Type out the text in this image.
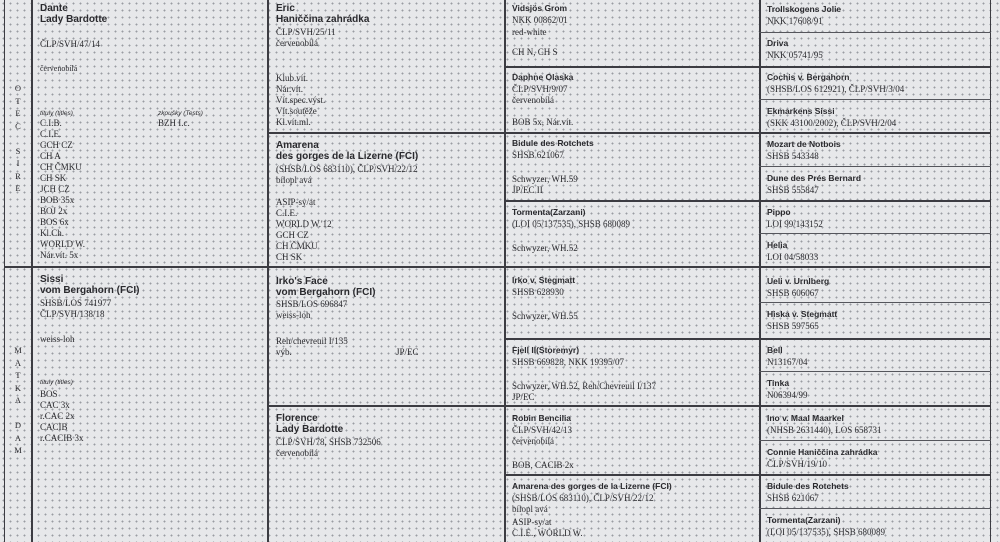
O
T
E
C

S
I
R
E
M
A
T
K
A

D
A
M
Dante
Lady Bardotte
ČLP/SVH/47/14
červenobílá
tituly (titles)	zkoušky (Tests)
BZH I.c.
C.I.B.
C.I.E.
GCH CZ
CH A
CH ČMKU
CH SK
JCH CZ
BOB 35x
BOJ 2x
BOS 6x
Kl.Ch.
WORLD W.
Nár.vít. 5x
Sissi
vom Bergahorn (FCI)
SHSB/LOS 741977
ČLP/SVH/138/18
weiss-loh
tituly (titles)
BOS
CAC 3x
r.CAC 2x
CACIB
r.CACIB 3x
Eric
Haniččina zahrádka
ČLP/SVH/25/11
červenobílá
Klub.vít.
Nár.vít.
Vít.spec.výst.
Vít.soutěže
Kl.vít.ml.
Amarena
des gorges de la Lizerne (FCI)
(SHSB/LOS 683110), ČLP/SVH/22/12
bílopl avá
ASIP-sy/at
C.I.E.
WORLD W.'12
GCH CZ
CH ČMKU
CH SK
Irko's Face
vom Bergahorn (FCI)
SHSB/LOS 696847
weiss-loh
Reh/chevreuil I/135
výb.	JP/EC
Florence
Lady Bardotte
ČLP/SVH/78, SHSB 732506
červenobílá
Vidsjös Grom
NKK 00862/01
red-white
CH N, CH S
Daphne Olaska
ČLP/SVH/9/07
červenobílá
BOB 5x, Nár.vít.
Bidule des Rotchets
SHSB 621067
Schwyzer, WH.59
JP/EC II
Tormenta(Zarzani)
(LOI 05/137535), SHSB 680089
Schwyzer, WH.52
Irko v. Stegmatt
SHSB 628930
Schwyzer, WH.55
Fjell II(Storemyr)
SHSB 669828, NKK 19395/07
Schwyzer, WH.52, Reh/Chevreuil I/137
JP/EC
Robin Bencilia
ČLP/SVH/42/13
červenobílá
BOB, CACIB 2x
Amarena des gorges de la Lizerne (FCI)
(SHSB/LOS 683110), ČLP/SVH/22/12
bílopl avá
ASIP-sy/at
C.I.E., WORLD W.
Trollskogens Jolie
NKK 17608/91
Driva
NKK 05741/95
Cochis v. Bergahorn
(SHSB/LOS 612921), ČLP/SVH/3/04
Ekmarkens Sissi
(SKK 43100/2002), ČLP/SVH/2/04
Mozart de Notbois
SHSB 543348
Dune des Prés Bernard
SHSB 555847
Pippo
LOI 99/143152
Helia
LOI 04/58033
Ueli v. Urnlberg
SHSB 606067
Hiska v. Stegmatt
SHSB 597565
Bell
N13167/04
Tinka
N06394/99
Ino v. Maal Maarkel
(NHSB 2631440), LOS 658731
Connie Haniččina zahrádka
ČLP/SVH/19/10
Bidule des Rotchets
SHSB 621067
Tormenta(Zarzani)
(LOI 05/137535), SHSB 680089
